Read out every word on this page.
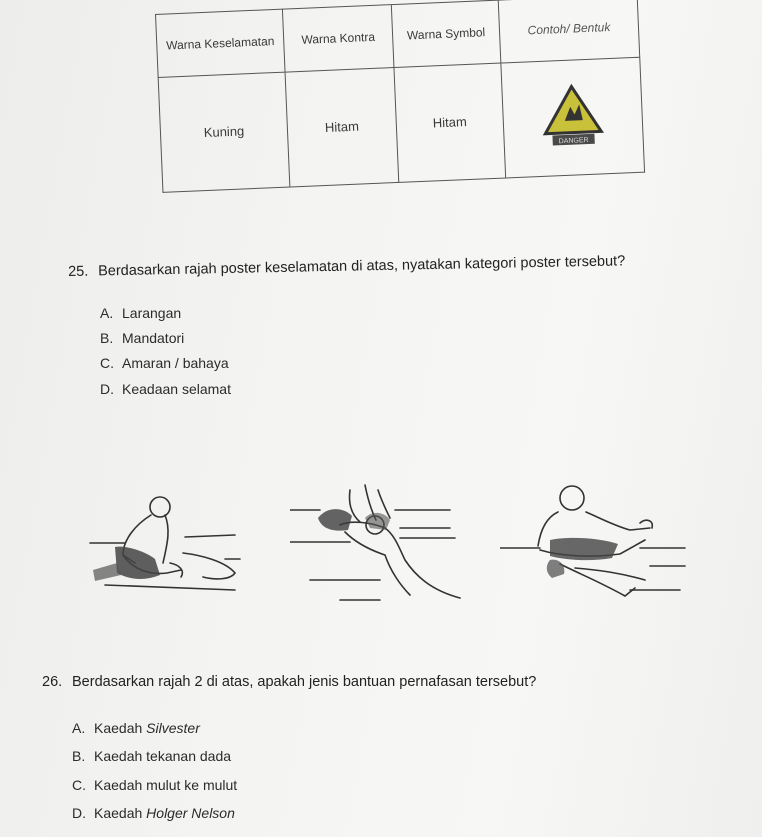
Warna Keselamatan	Warna Kontra	Warna Symbol	Contoh/ Bentuk
Kuning	Hitam	Hitam	DANGER
25. Berdasarkan rajah poster keselamatan di atas, nyatakan kategori poster tersebut?
A. Larangan
B. Mandatori
C. Amaran / bahaya
D. Keadaan selamat
26. Berdasarkan rajah 2 di atas, apakah jenis bantuan pernafasan tersebut?
A. Kaedah Silvester
B. Kaedah tekanan dada
C. Kaedah mulut ke mulut
D. Kaedah Holger Nelson
